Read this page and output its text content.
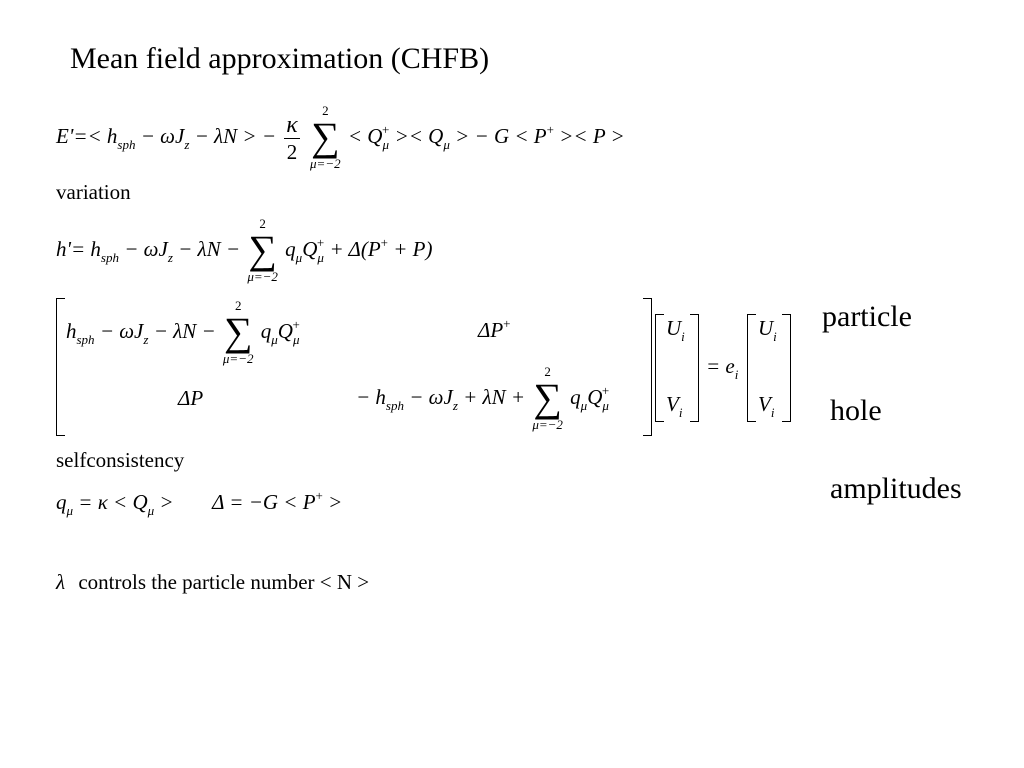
Mean field approximation (CHFB)
$E'=< h_{sph} - \omega J_z - \lambda N$ > − $\frac{\kappa}{2}$

2
∑
μ=−2
< $Q_\mu^+ >< Q_\mu$ > − G < P+ >< P >
variation
$h'= h_{sph} - \omega J_z - \lambda N$ −
2
∑
μ=−2
$q_\mu Q_\mu^+ + \Delta(P^+ + P)$
$h_{sph} - \omega J_z - \lambda N$ −
2
∑
μ=−2
$q_\mu Q_\mu^+$	ΔP+
ΔP	− $h_{sph} - \omega J_z + \lambda N$ +
2
∑
μ=−2
$q_\mu Q_\mu^+$
$U_i$
$V_i$
= $e_i$
$U_i$
$V_i$
particle
hole
amplitudes
selfconsistency
$q_\mu = \kappa < Q_\mu > \Delta = -G < P^+$ >
λ controls the particle number < N >
